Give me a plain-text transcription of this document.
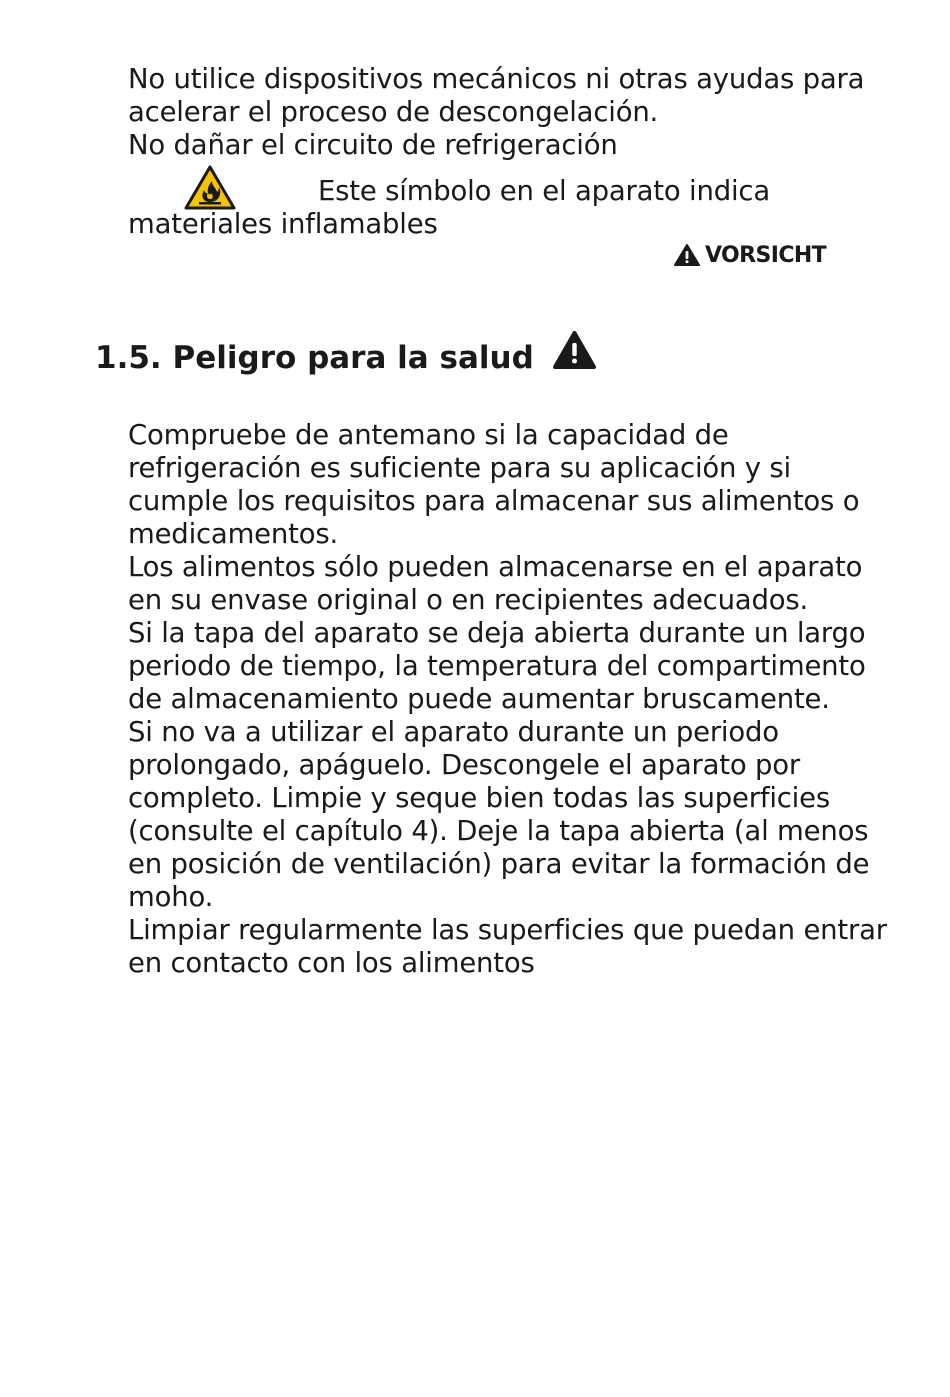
No utilice dispositivos mecánicos ni otras ayudas para

acelerar el proceso de descongelación.

No dañar el circuito de refrigeración

Este símbolo en el aparato indica

materiales inflamables

VORSICHT
1.5. Peligro para la salud
Compruebe de antemano si la capacidad de
refrigeración es suficiente para su aplicación y si
cumple los requisitos para almacenar sus alimentos o
medicamentos.
Los alimentos sólo pueden almacenarse en el aparato
en su envase original o en recipientes adecuados.
Si la tapa del aparato se deja abierta durante un largo
periodo de tiempo, la temperatura del compartimento
de almacenamiento puede aumentar bruscamente.
Si no va a utilizar el aparato durante un periodo
prolongado, apáguelo. Descongele el aparato por
completo. Limpie y seque bien todas las superficies
(consulte el capítulo 4). Deje la tapa abierta (al menos
en posición de ventilación) para evitar la formación de
moho.
Limpiar regularmente las superficies que puedan entrar
en contacto con los alimentos
